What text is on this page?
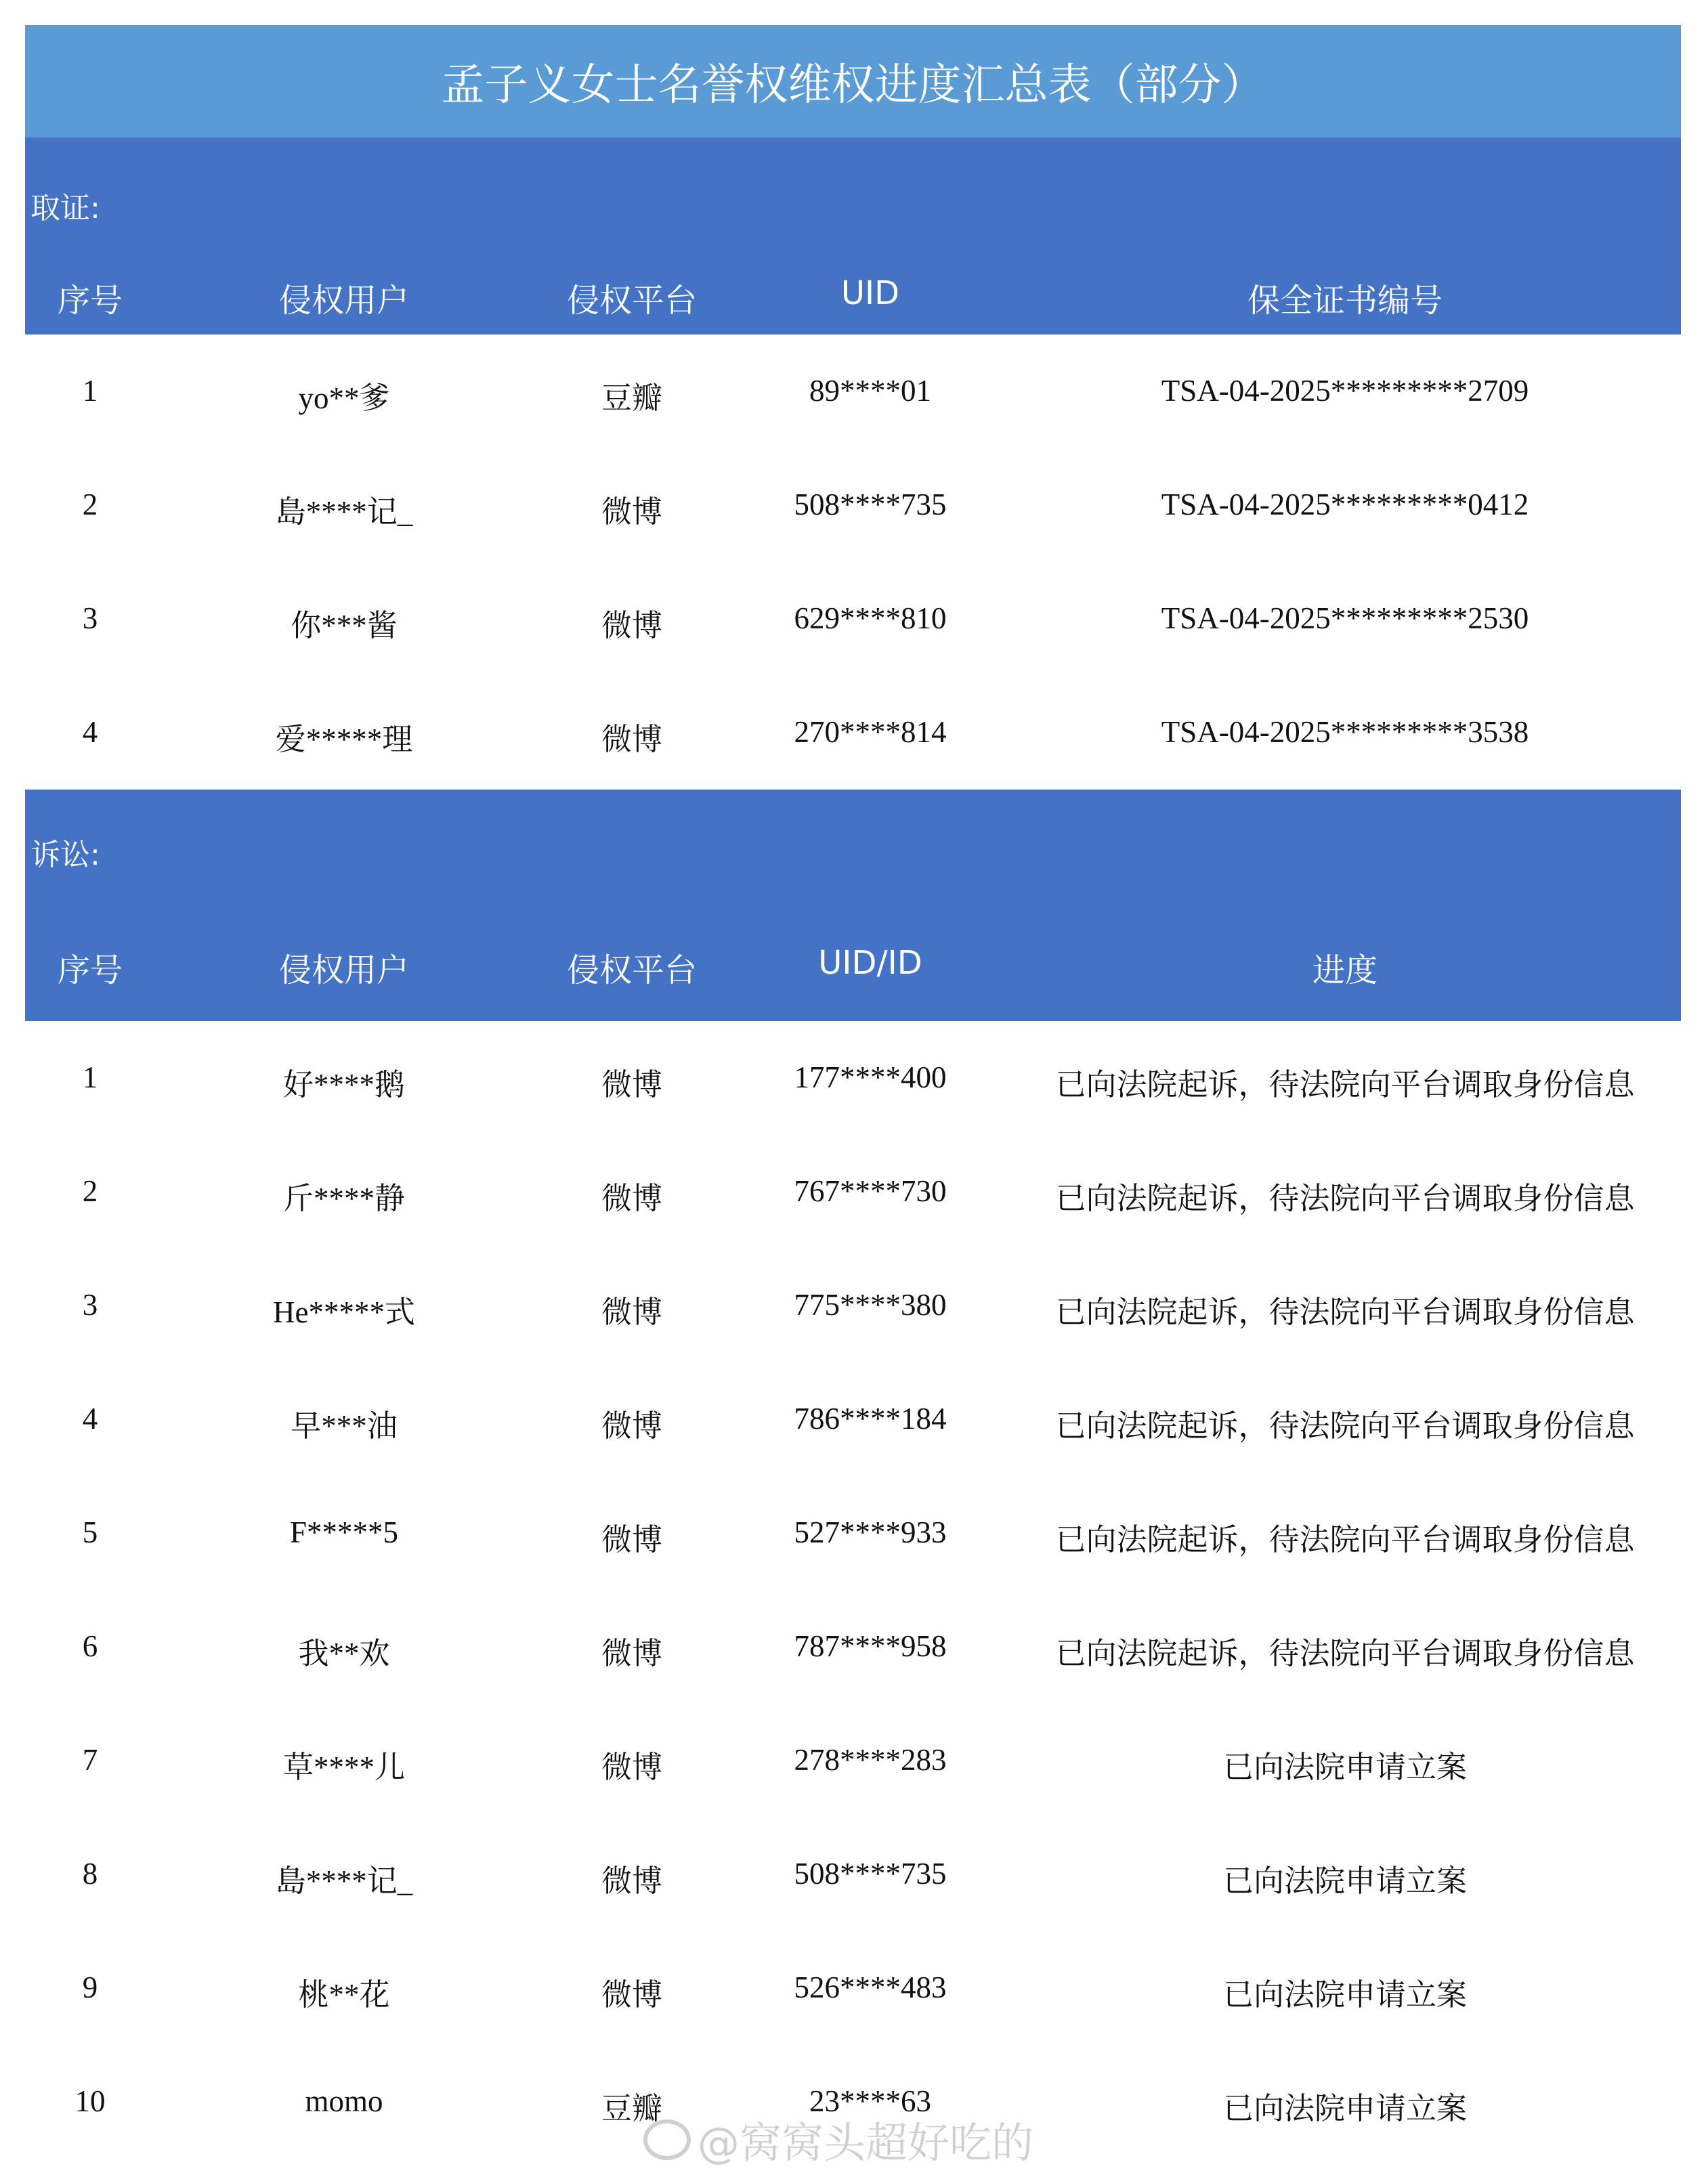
孟子义女士名誉权维权进度汇总表（部分）
取证:
序号	侵权用户	侵权平台	UID	保全证书编号
1	yo**爹	豆瓣	89****01	TSA-04-2025*********2709
2	島****记_	微博	508****735	TSA-04-2025*********0412
3	你***酱	微博	629****810	TSA-04-2025*********2530
4	爱*****理	微博	270****814	TSA-04-2025*********3538
诉讼:
序号	侵权用户	侵权平台	UID/ID	进度
1	好****鹅	微博	177****400	已向法院起诉，待法院向平台调取身份信息
2	斤****静	微博	767****730	已向法院起诉，待法院向平台调取身份信息
3	He*****式	微博	775****380	已向法院起诉，待法院向平台调取身份信息
4	早***油	微博	786****184	已向法院起诉，待法院向平台调取身份信息
5	F*****5	微博	527****933	已向法院起诉，待法院向平台调取身份信息
6	我**欢	微博	787****958	已向法院起诉，待法院向平台调取身份信息
7	草****儿	微博	278****283	已向法院申请立案
8	島****记_	微博	508****735	已向法院申请立案
9	桃**花	微博	526****483	已向法院申请立案
10	momo	豆瓣	23****63	已向法院申请立案
@窝窝头超好吃的
